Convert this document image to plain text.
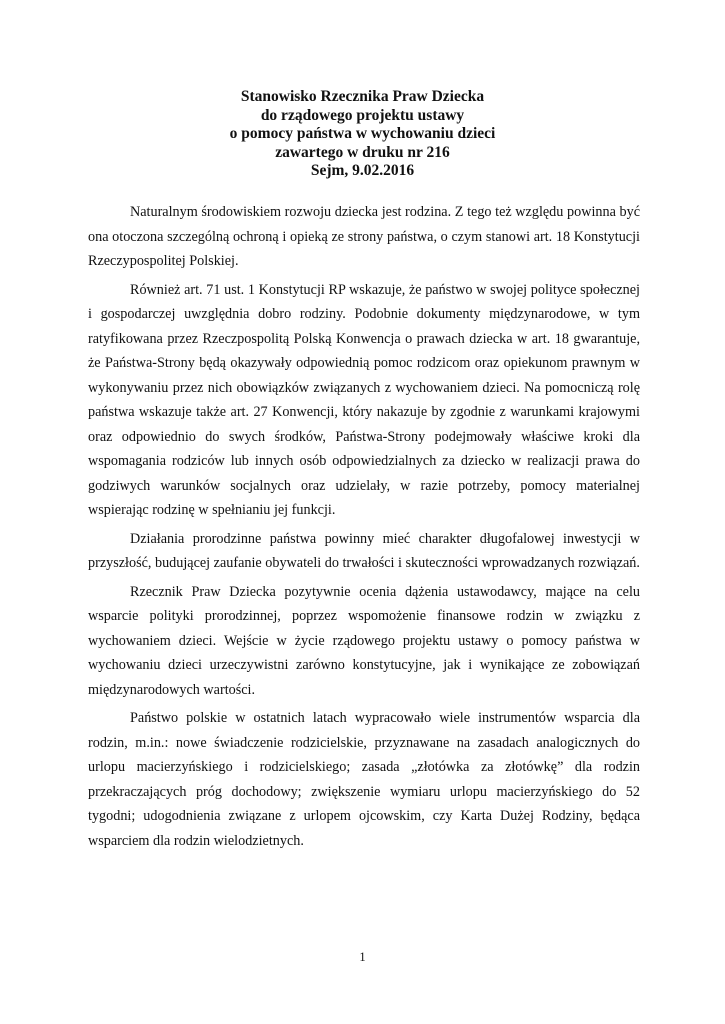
Stanowisko Rzecznika Praw Dziecka
do rządowego projektu ustawy
o pomocy państwa w wychowaniu dzieci
zawartego w druku nr 216
Sejm, 9.02.2016

Naturalnym środowiskiem rozwoju dziecka jest rodzina. Z tego też względu powinna być ona otoczona szczególną ochroną i opieką ze strony państwa, o czym stanowi art. 18 Konstytucji Rzeczypospolitej Polskiej.

Również art. 71 ust. 1 Konstytucji RP wskazuje, że państwo w swojej polityce społecznej i gospodarczej uwzględnia dobro rodziny. Podobnie dokumenty międzynarodowe, w tym ratyfikowana przez Rzeczpospolitą Polską Konwencja o prawach dziecka w art. 18 gwarantuje, że Państwa-Strony będą okazywały odpowiednią pomoc rodzicom oraz opiekunom prawnym w wykonywaniu przez nich obowiązków związanych z wychowaniem dzieci. Na pomocniczą rolę państwa wskazuje także art. 27 Konwencji, który nakazuje by zgodnie z warunkami krajowymi oraz odpowiednio do swych środków, Państwa-Strony podejmowały właściwe kroki dla wspomagania rodziców lub innych osób odpowiedzialnych za dziecko w realizacji prawa do godziwych warunków socjalnych oraz udzielały, w razie potrzeby, pomocy materialnej wspierając rodzinę w spełnianiu jej funkcji.

Działania prorodzinne państwa powinny mieć charakter długofalowej inwestycji w przyszłość, budującej zaufanie obywateli do trwałości i skuteczności wprowadzanych rozwiązań.

Rzecznik Praw Dziecka pozytywnie ocenia dążenia ustawodawcy, mające na celu wsparcie polityki prorodzinnej, poprzez wspomożenie finansowe rodzin w związku z wychowaniem dzieci. Wejście w życie rządowego projektu ustawy o pomocy państwa w wychowaniu dzieci urzeczywistni zarówno konstytucyjne, jak i wynikające ze zobowiązań międzynarodowych wartości.

Państwo polskie w ostatnich latach wypracowało wiele instrumentów wsparcia dla rodzin, m.in.: nowe świadczenie rodzicielskie, przyznawane na zasadach analogicznych do urlopu macierzyńskiego i rodzicielskiego; zasada „złotówka za złotówkę” dla rodzin przekraczających próg dochodowy; zwiększenie wymiaru urlopu macierzyńskiego do 52 tygodni; udogodnienia związane z urlopem ojcowskim, czy Karta Dużej Rodziny, będąca wsparciem dla rodzin wielodzietnych.

1
